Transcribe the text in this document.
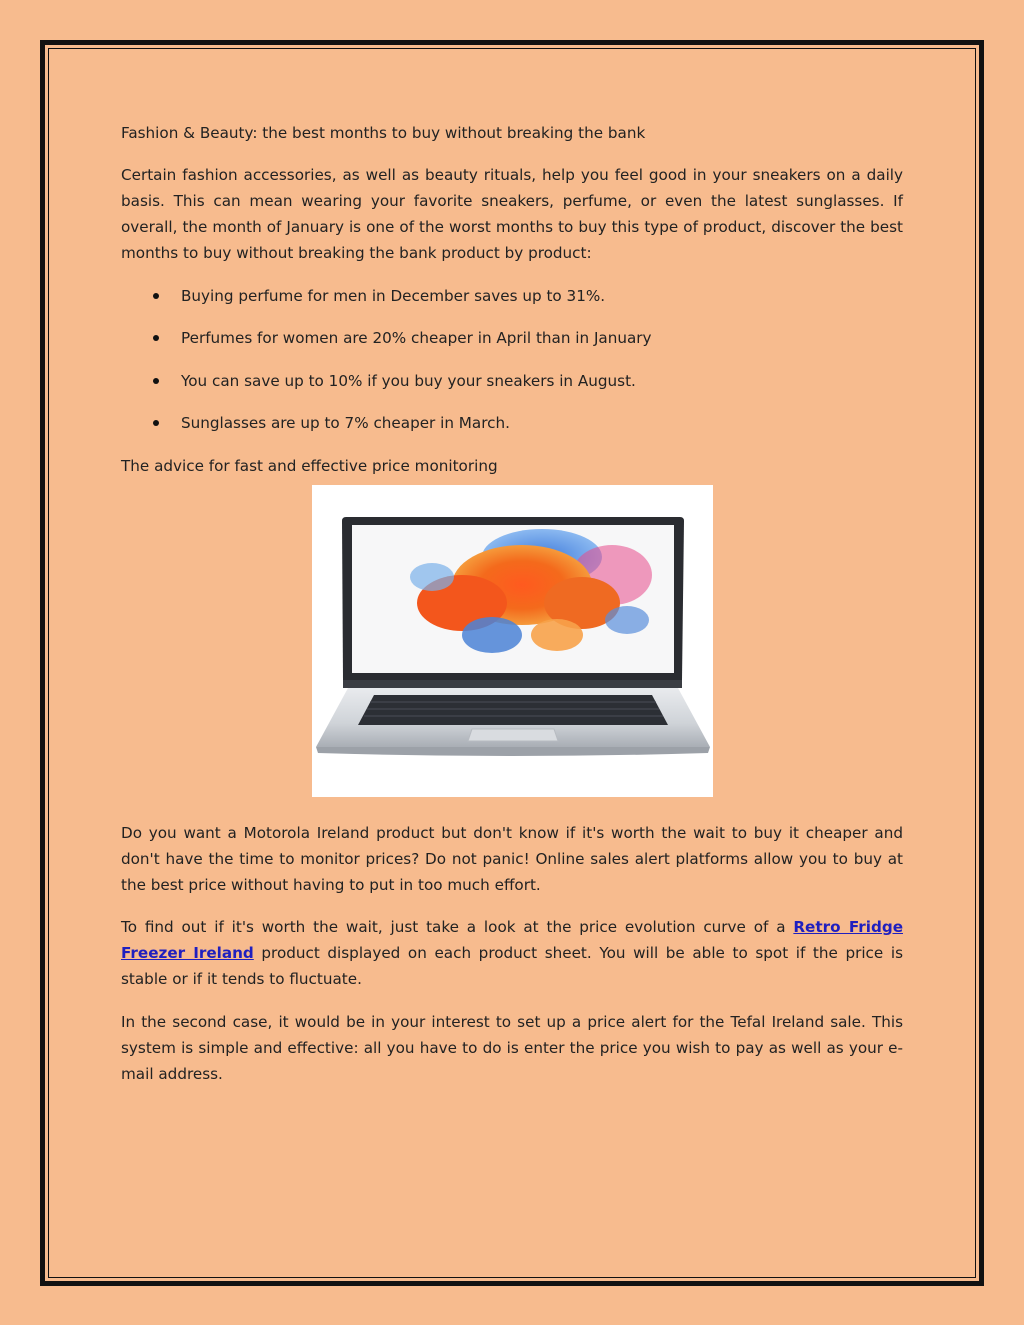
Fashion & Beauty: the best months to buy without breaking the bank

Certain fashion accessories, as well as beauty rituals, help you feel good in your sneakers on a daily basis. This can mean wearing your favorite sneakers, perfume, or even the latest sunglasses. If overall, the month of January is one of the worst months to buy this type of product, discover the best months to buy without breaking the bank product by product:

Buying perfume for men in December saves up to 31%.
Perfumes for women are 20% cheaper in April than in January
You can save up to 10% if you buy your sneakers in August.
Sunglasses are up to 7% cheaper in March.

The advice for fast and effective price monitoring

Do you want a Motorola Ireland product but don't know if it's worth the wait to buy it cheaper and don't have the time to monitor prices? Do not panic! Online sales alert platforms allow you to buy at the best price without having to put in too much effort.

To find out if it's worth the wait, just take a look at the price evolution curve of a Retro Fridge Freezer Ireland product displayed on each product sheet. You will be able to spot if the price is stable or if it tends to fluctuate.

In the second case, it would be in your interest to set up a price alert for the Tefal Ireland sale. This system is simple and effective: all you have to do is enter the price you wish to pay as well as your e-mail address.
